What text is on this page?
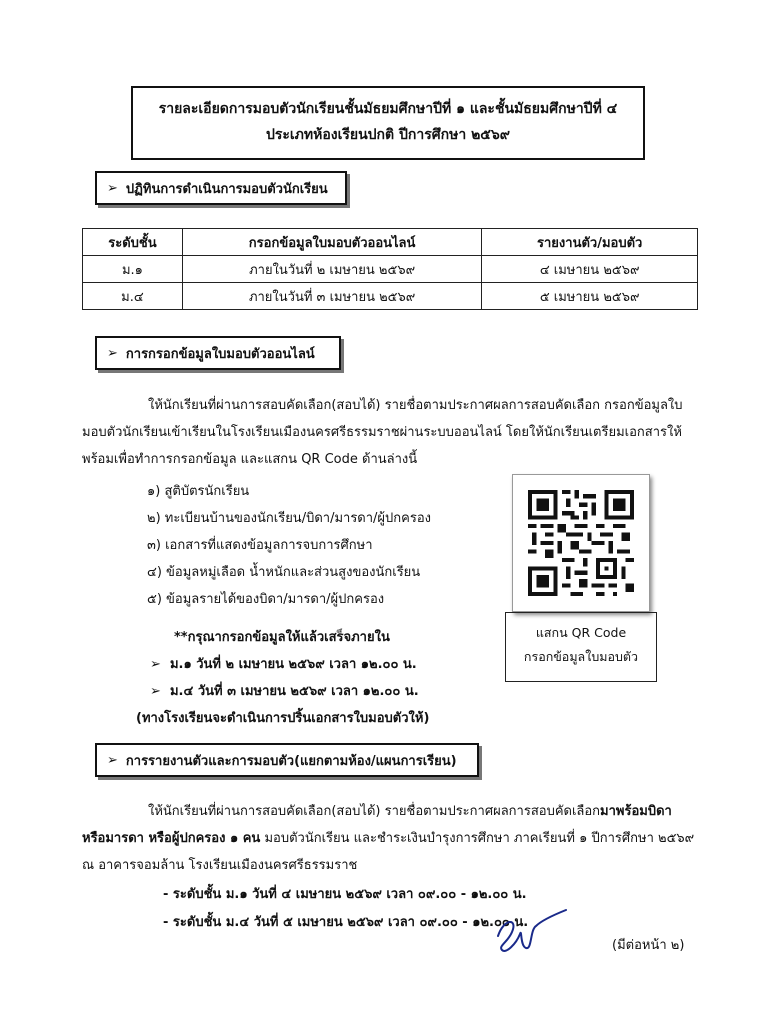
รายละเอียดการมอบตัวนักเรียนชั้นมัธยมศึกษาปีที่ ๑ และชั้นมัธยมศึกษาปีที่ ๔
ประเภทห้องเรียนปกติ ปีการศึกษา ๒๕๖๙
➢ ปฏิทินการดำเนินการมอบตัวนักเรียน
ระดับชั้น	กรอกข้อมูลใบมอบตัวออนไลน์	รายงานตัว/มอบตัว
ม.๑	ภายในวันที่ ๒ เมษายน ๒๕๖๙	๔ เมษายน ๒๕๖๙
ม.๔	ภายในวันที่ ๓ เมษายน ๒๕๖๙	๕ เมษายน ๒๕๖๙
➢ การกรอกข้อมูลใบมอบตัวออนไลน์
ให้นักเรียนที่ผ่านการสอบคัดเลือก(สอบได้) รายชื่อตามประกาศผลการสอบคัดเลือก กรอกข้อมูลใบ
มอบตัวนักเรียนเข้าเรียนในโรงเรียนเมืองนครศรีธรรมราชผ่านระบบออนไลน์ โดยให้นักเรียนเตรียมเอกสารให้
พร้อมเพื่อทำการกรอกข้อมูล และแสกน QR Code ด้านล่างนี้
๑) สูติบัตรนักเรียน
๒) ทะเบียนบ้านของนักเรียน/บิดา/มารดา/ผู้ปกครอง
๓) เอกสารที่แสดงข้อมูลการจบการศึกษา
๔) ข้อมูลหมู่เลือด น้ำหนักและส่วนสูงของนักเรียน
๕) ข้อมูลรายได้ของบิดา/มารดา/ผู้ปกครอง
**กรุณากรอกข้อมูลให้แล้วเสร็จภายใน
➢  ม.๑ วันที่ ๒ เมษายน ๒๕๖๙ เวลา ๑๒.๐๐ น.
➢  ม.๔ วันที่ ๓ เมษายน ๒๕๖๙ เวลา ๑๒.๐๐ น.
(ทางโรงเรียนจะดำเนินการปริ้นเอกสารใบมอบตัวให้)
แสกน QR Code
กรอกข้อมูลใบมอบตัว
➢ การรายงานตัวและการมอบตัว(แยกตามห้อง/แผนการเรียน)
ให้นักเรียนที่ผ่านการสอบคัดเลือก(สอบได้) รายชื่อตามประกาศผลการสอบคัดเลือกมาพร้อมบิดา
หรือมารดา หรือผู้ปกครอง ๑ คน มอบตัวนักเรียน และชำระเงินบำรุงการศึกษา ภาคเรียนที่ ๑ ปีการศึกษา ๒๕๖๙
ณ อาคารจอมล้าน โรงเรียนเมืองนครศรีธรรมราช
- ระดับชั้น ม.๑ วันที่ ๔ เมษายน ๒๕๖๙ เวลา ๐๙.๐๐ - ๑๒.๐๐ น.
- ระดับชั้น ม.๔ วันที่ ๕ เมษายน ๒๕๖๙ เวลา ๐๙.๐๐ - ๑๒.๐๐ น.
(มีต่อหน้า ๒)
